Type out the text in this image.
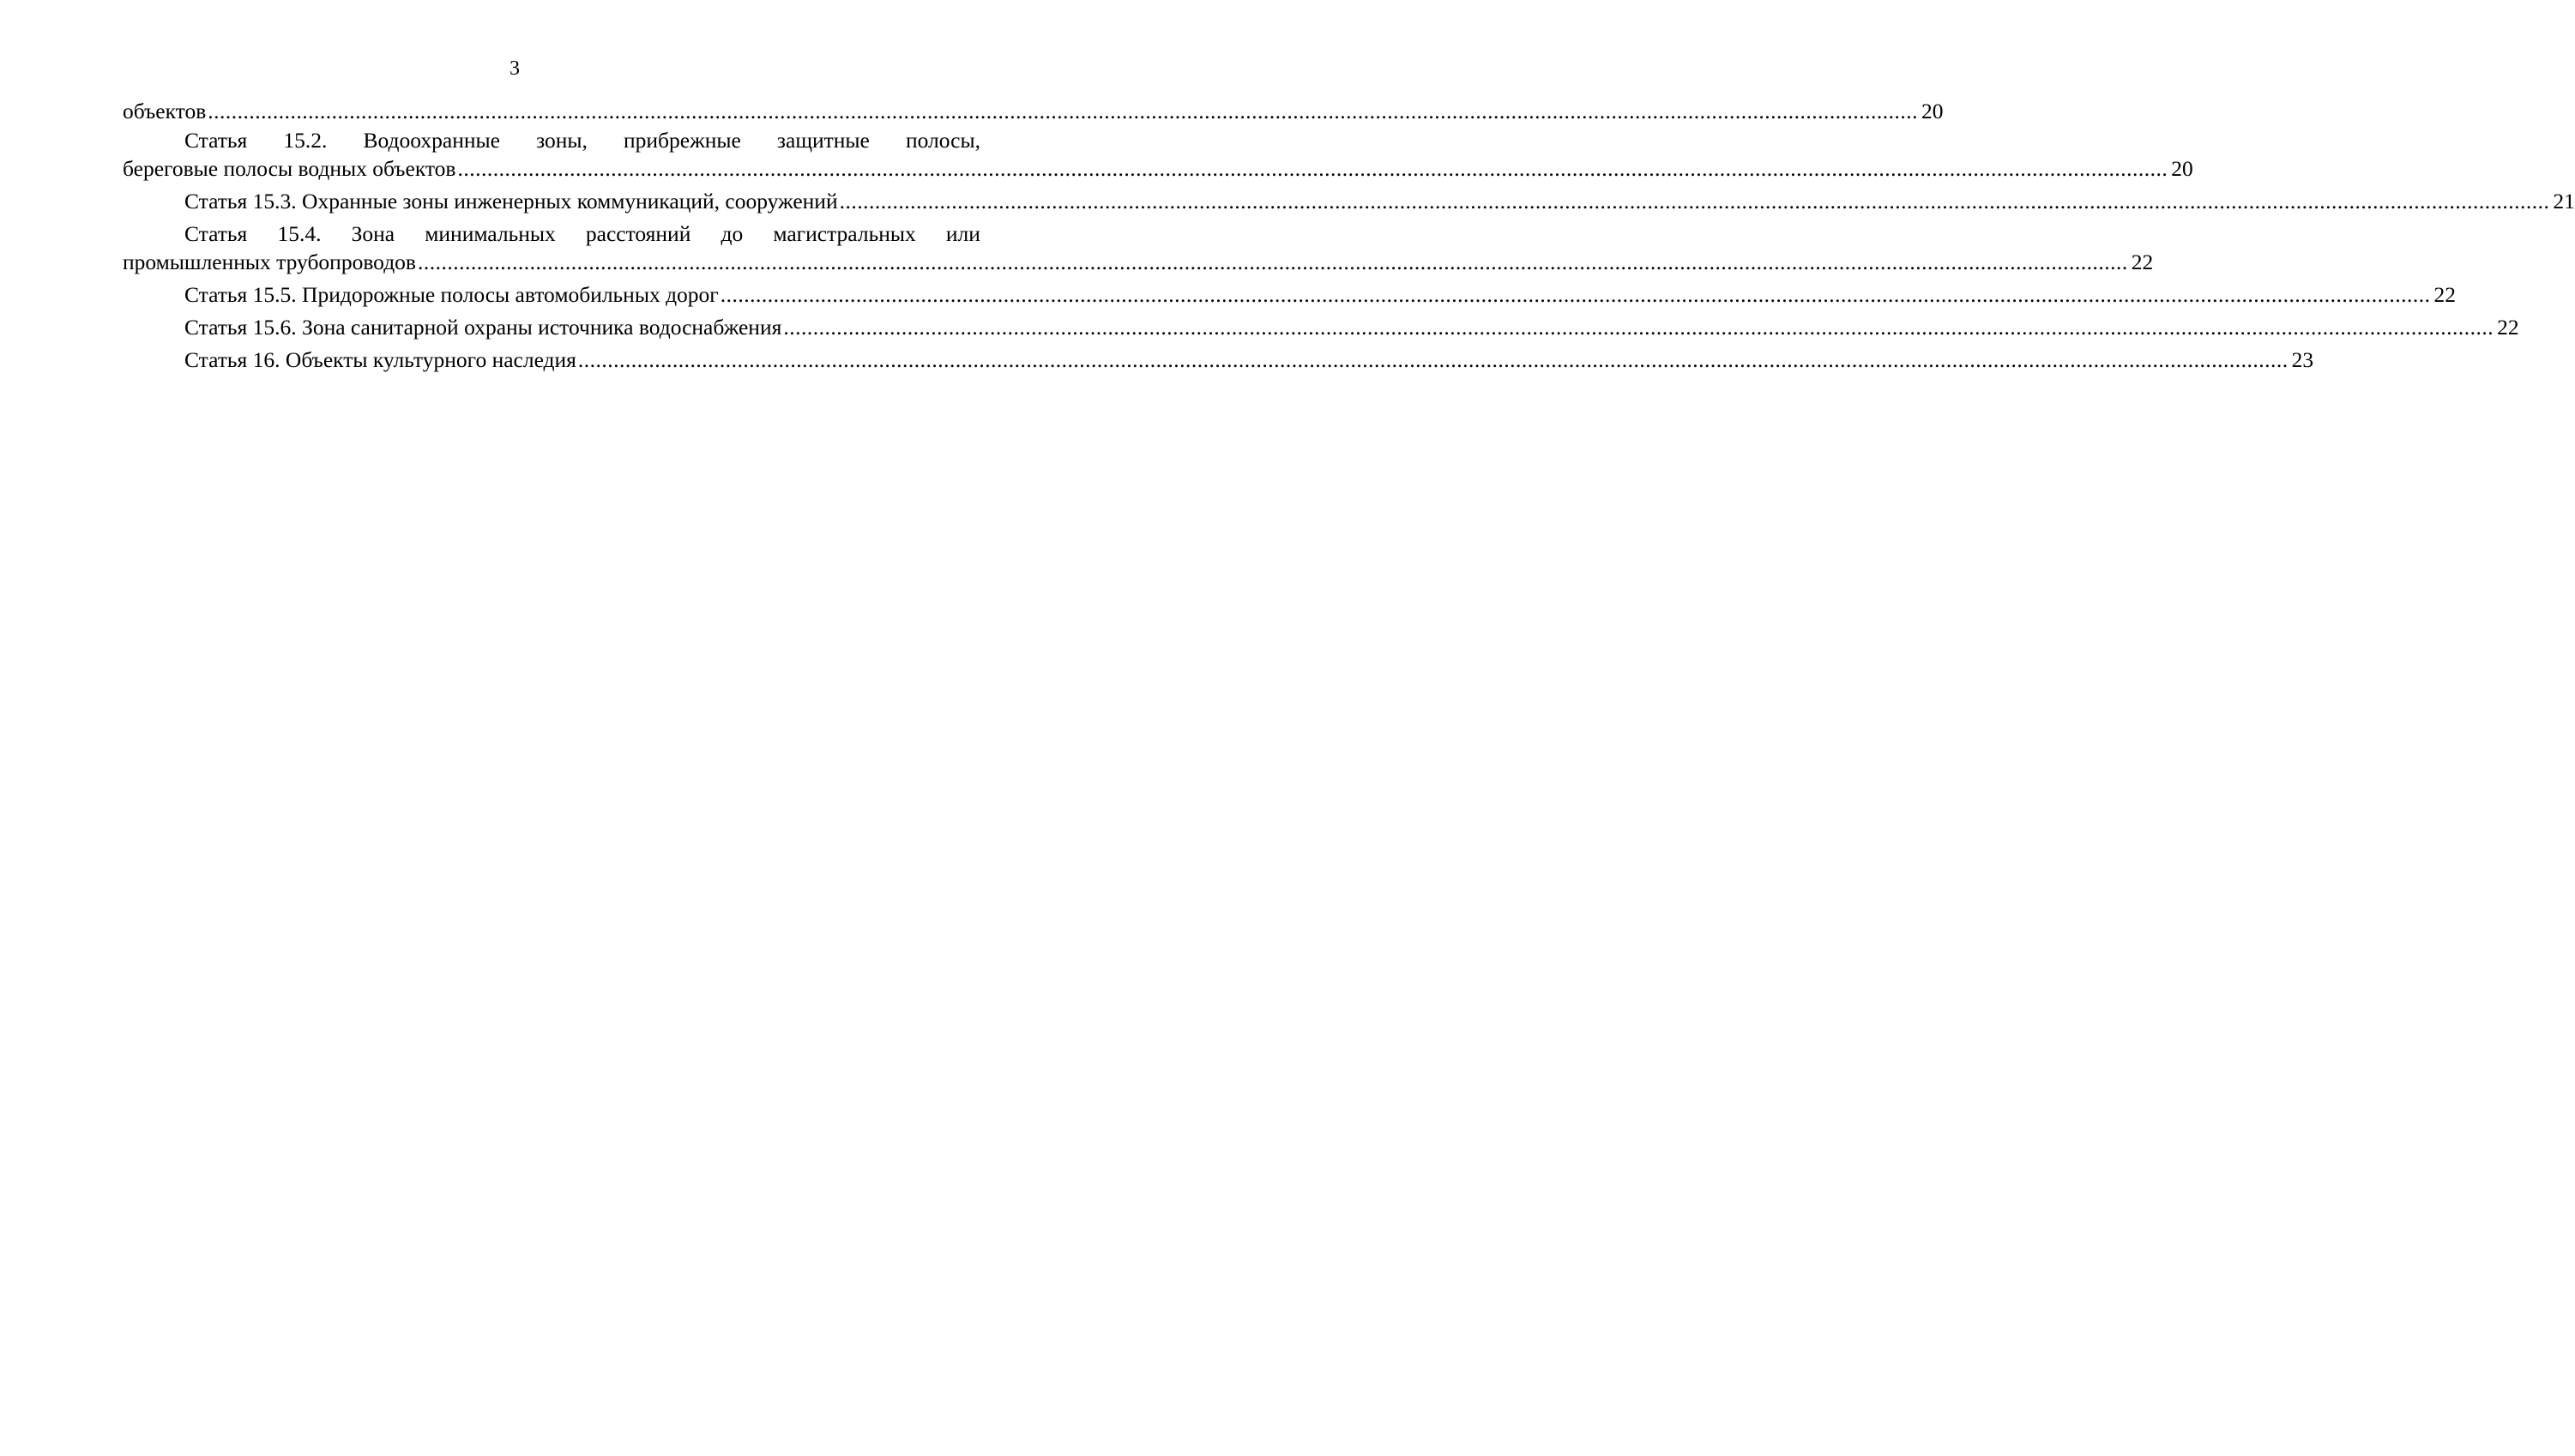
3
объектов .....	20
Статья 15.2. Водоохранные зоны, прибрежные защитные полосы,
береговые полосы водных объектов .....	20
Статья 15.3. Охранные зоны инженерных коммуникаций, сооружений .....	21
Статья 15.4. Зона минимальных расстояний до магистральных или
промышленных трубопроводов .....	22
Статья 15.5. Придорожные полосы автомобильных дорог .....	22
Статья 15.6. Зона санитарной охраны источника водоснабжения .....	22
Статья 16. Объекты культурного наследия .....	23
